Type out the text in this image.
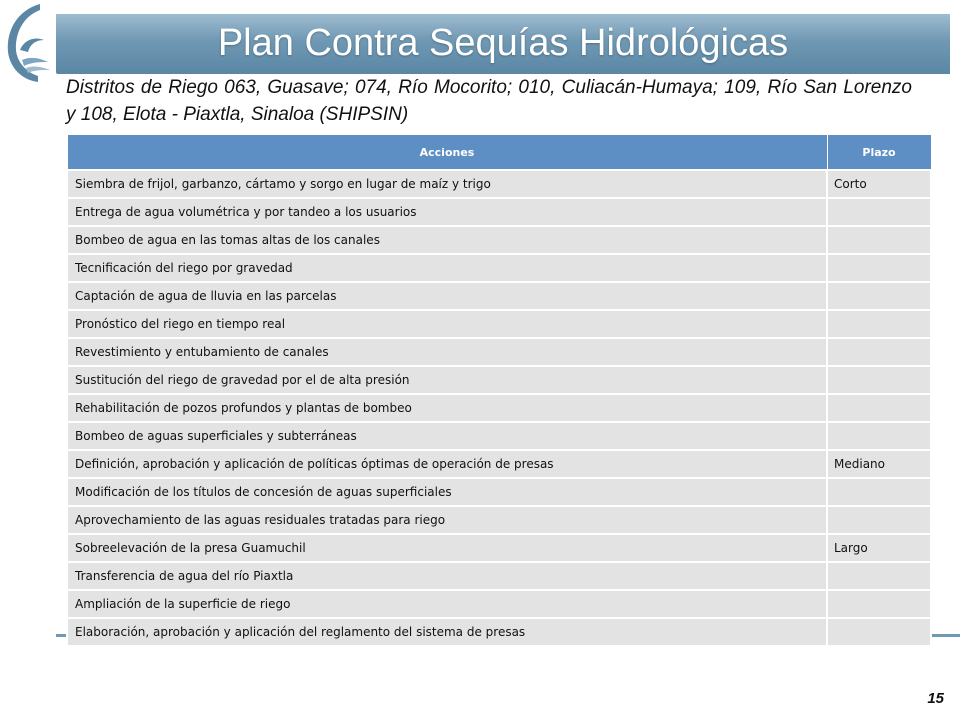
Plan Contra Sequías Hidrológicas
Distritos de Riego 063, Guasave; 074, Río Mocorito; 010, Culiacán-Humaya; 109, Río San Lorenzo y 108, Elota - Piaxtla, Sinaloa (SHIPSIN)
Acciones	Plazo
Siembra de frijol, garbanzo, cártamo y sorgo en lugar de maíz y trigo	Corto
Entrega de agua volumétrica y por tandeo a los usuarios	
Bombeo de agua en las tomas altas de los canales	
Tecnificación del riego por gravedad	
Captación de agua de lluvia en las parcelas	
Pronóstico del riego en tiempo real	
Revestimiento y entubamiento de canales	
Sustitución del riego de gravedad por el de alta presión	
Rehabilitación de pozos profundos y plantas de bombeo	
Bombeo de aguas superficiales y subterráneas	
Definición, aprobación y aplicación de políticas óptimas de operación de presas	Mediano
Modificación de los títulos de concesión de aguas superficiales	
Aprovechamiento de las aguas residuales tratadas para riego	
Sobreelevación de la presa Guamuchil	Largo
Transferencia de agua del río Piaxtla	
Ampliación de la superficie de riego	
Elaboración, aprobación y aplicación del reglamento del sistema de presas	
15
